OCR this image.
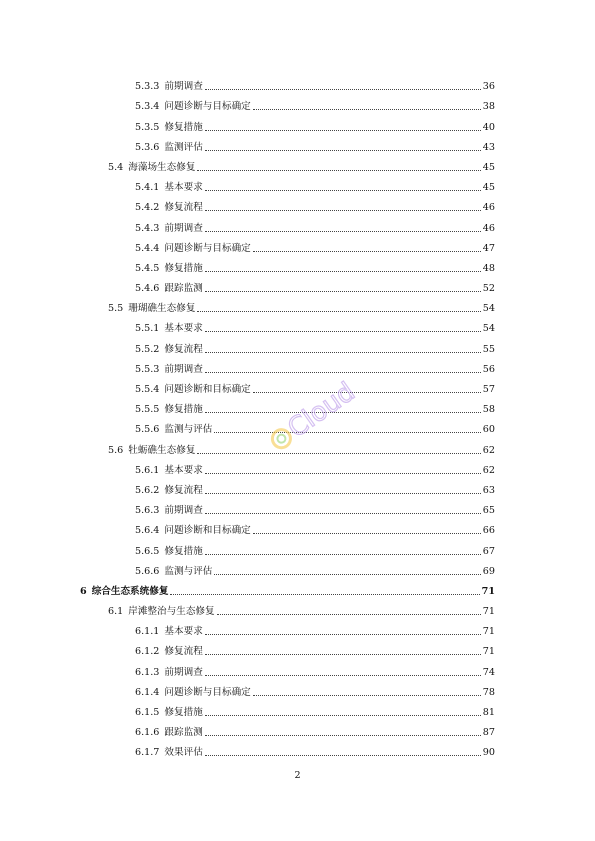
5.3.3 前期调查	36
5.3.4 问题诊断与目标确定	38
5.3.5 修复措施	40
5.3.6 监测评估	43
5.4 海藻场生态修复	45
5.4.1 基本要求	45
5.4.2 修复流程	46
5.4.3 前期调查	46
5.4.4 问题诊断与目标确定	47
5.4.5 修复措施	48
5.4.6 跟踪监测	52
5.5 珊瑚礁生态修复	54
5.5.1 基本要求	54
5.5.2 修复流程	55
5.5.3 前期调查	56
5.5.4 问题诊断和目标确定	57
5.5.5 修复措施	58
5.5.6 监测与评估	60
5.6 牡蛎礁生态修复	62
5.6.1 基本要求	62
5.6.2 修复流程	63
5.6.3 前期调查	65
5.6.4 问题诊断和目标确定	66
5.6.5 修复措施	67
5.6.6 监测与评估	69
6 综合生态系统修复	71
6.1 岸滩整治与生态修复	71
6.1.1 基本要求	71
6.1.2 修复流程	71
6.1.3 前期调查	74
6.1.4 问题诊断与目标确定	78
6.1.5 修复措施	81
6.1.6 跟踪监测	87
6.1.7 效果评估	90
Cloud
2
